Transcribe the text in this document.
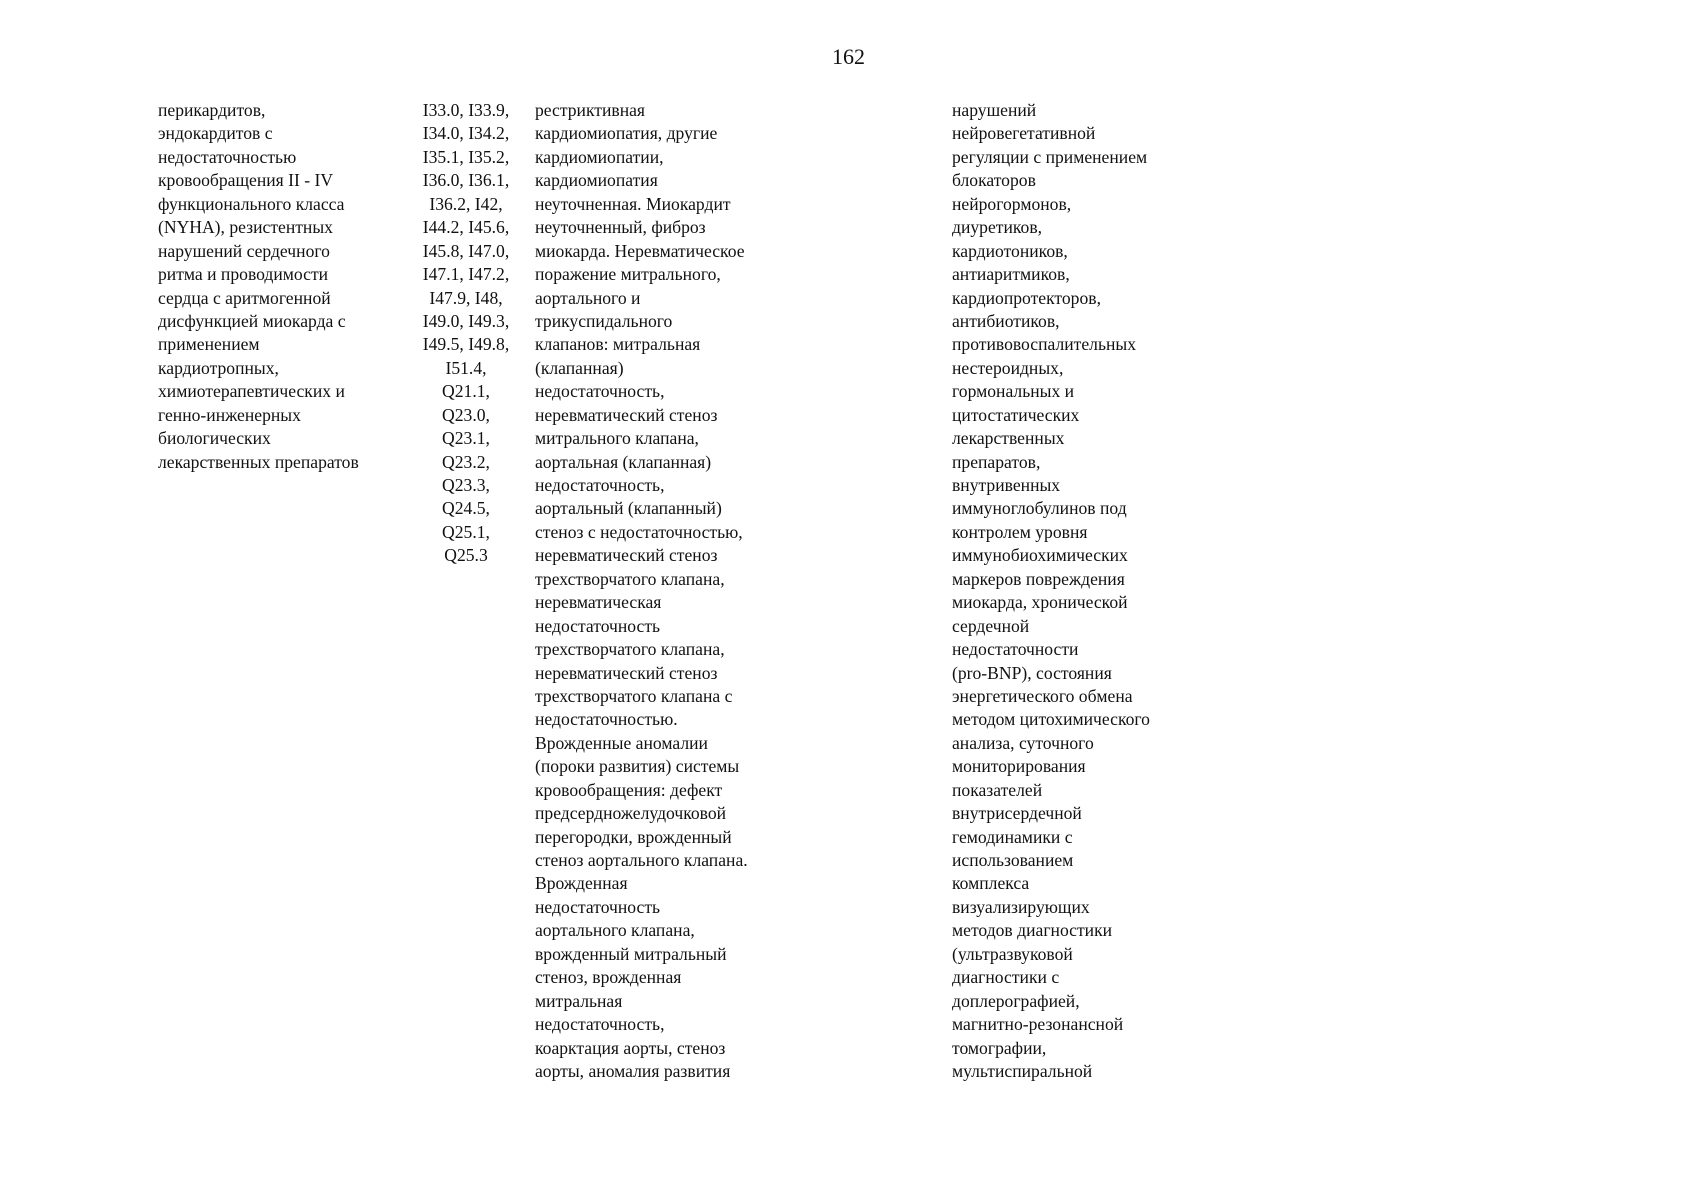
162
перикардитов,
эндокардитов с
недостаточностью
кровообращения II - IV
функционального класса
(NYHA), резистентных
нарушений сердечного
ритма и проводимости
сердца с аритмогенной
дисфункцией миокарда с
применением
кардиотропных,
химиотерапевтических и
генно-инженерных
биологических
лекарственных препаратов
I33.0, I33.9,
I34.0, I34.2,
I35.1, I35.2,
I36.0, I36.1,
I36.2, I42,
I44.2, I45.6,
I45.8, I47.0,
I47.1, I47.2,
I47.9, I48,
I49.0, I49.3,
I49.5, I49.8,
I51.4,
Q21.1,
Q23.0,
Q23.1,
Q23.2,
Q23.3,
Q24.5,
Q25.1,
Q25.3
рестриктивная
кардиомиопатия, другие
кардиомиопатии,
кардиомиопатия
неуточненная. Миокардит
неуточненный, фиброз
миокарда. Неревматическое
поражение митрального,
аортального и
трикуспидального
клапанов: митральная
(клапанная)
недостаточность,
неревматический стеноз
митрального клапана,
аортальная (клапанная)
недостаточность,
аортальный (клапанный)
стеноз с недостаточностью,
неревматический стеноз
трехстворчатого клапана,
неревматическая
недостаточность
трехстворчатого клапана,
неревматический стеноз
трехстворчатого клапана с
недостаточностью.
Врожденные аномалии
(пороки развития) системы
кровообращения: дефект
предсердножелудочковой
перегородки, врожденный
стеноз аортального клапана.
Врожденная
недостаточность
аортального клапана,
врожденный митральный
стеноз, врожденная
митральная
недостаточность,
коарктация аорты, стеноз
аорты, аномалия развития
нарушений
нейровегетативной
регуляции с применением
блокаторов
нейрогормонов,
диуретиков,
кардиотоников,
антиаритмиков,
кардиопротекторов,
антибиотиков,
противовоспалительных
нестероидных,
гормональных и
цитостатических
лекарственных
препаратов,
внутривенных
иммуноглобулинов под
контролем уровня
иммунобиохимических
маркеров повреждения
миокарда, хронической
сердечной
недостаточности
(pro-BNP), состояния
энергетического обмена
методом цитохимического
анализа, суточного
мониторирования
показателей
внутрисердечной
гемодинамики с
использованием
комплекса
визуализирующих
методов диагностики
(ультразвуковой
диагностики с
доплерографией,
магнитно-резонансной
томографии,
мультиспиральной
